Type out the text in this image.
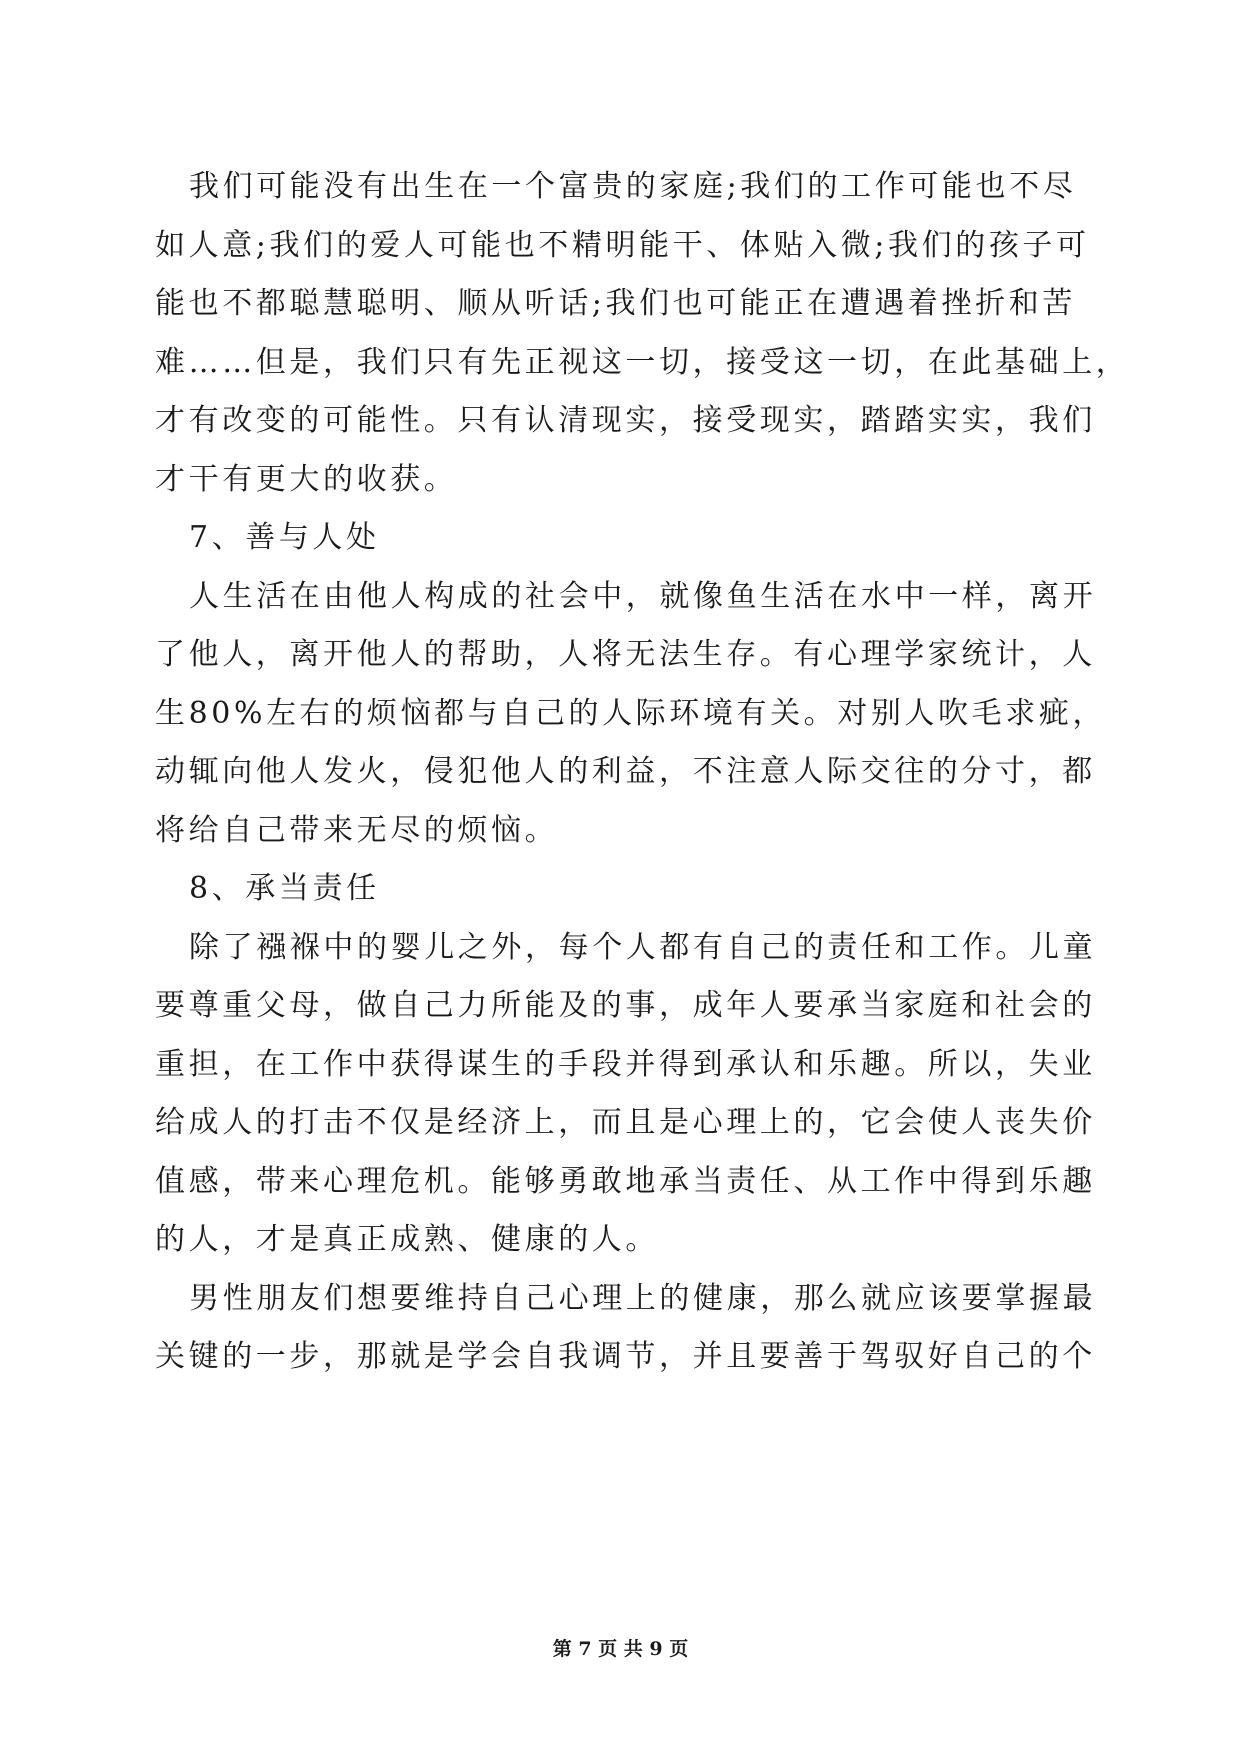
我们可能没有出生在一个富贵的家庭;我们的工作可能也不尽
如人意;我们的爱人可能也不精明能干、体贴入微;我们的孩子可
能也不都聪慧聪明、顺从听话;我们也可能正在遭遇着挫折和苦
难……但是，我们只有先正视这一切，接受这一切，在此基础上，
才有改变的可能性。只有认清现实，接受现实，踏踏实实，我们
才干有更大的收获。
7、善与人处
人生活在由他人构成的社会中，就像鱼生活在水中一样，离开
了他人，离开他人的帮助，人将无法生存。有心理学家统计，人
生80%左右的烦恼都与自己的人际环境有关。对别人吹毛求疵，
动辄向他人发火，侵犯他人的利益，不注意人际交往的分寸，都
将给自己带来无尽的烦恼。
8、承当责任
除了襁褓中的婴儿之外，每个人都有自己的责任和工作。儿童
要尊重父母，做自己力所能及的事，成年人要承当家庭和社会的
重担，在工作中获得谋生的手段并得到承认和乐趣。所以，失业
给成人的打击不仅是经济上，而且是心理上的，它会使人丧失价
值感，带来心理危机。能够勇敢地承当责任、从工作中得到乐趣
的人，才是真正成熟、健康的人。
男性朋友们想要维持自己心理上的健康，那么就应该要掌握最
关键的一步，那就是学会自我调节，并且要善于驾驭好自己的个
第 7 页 共 9 页
